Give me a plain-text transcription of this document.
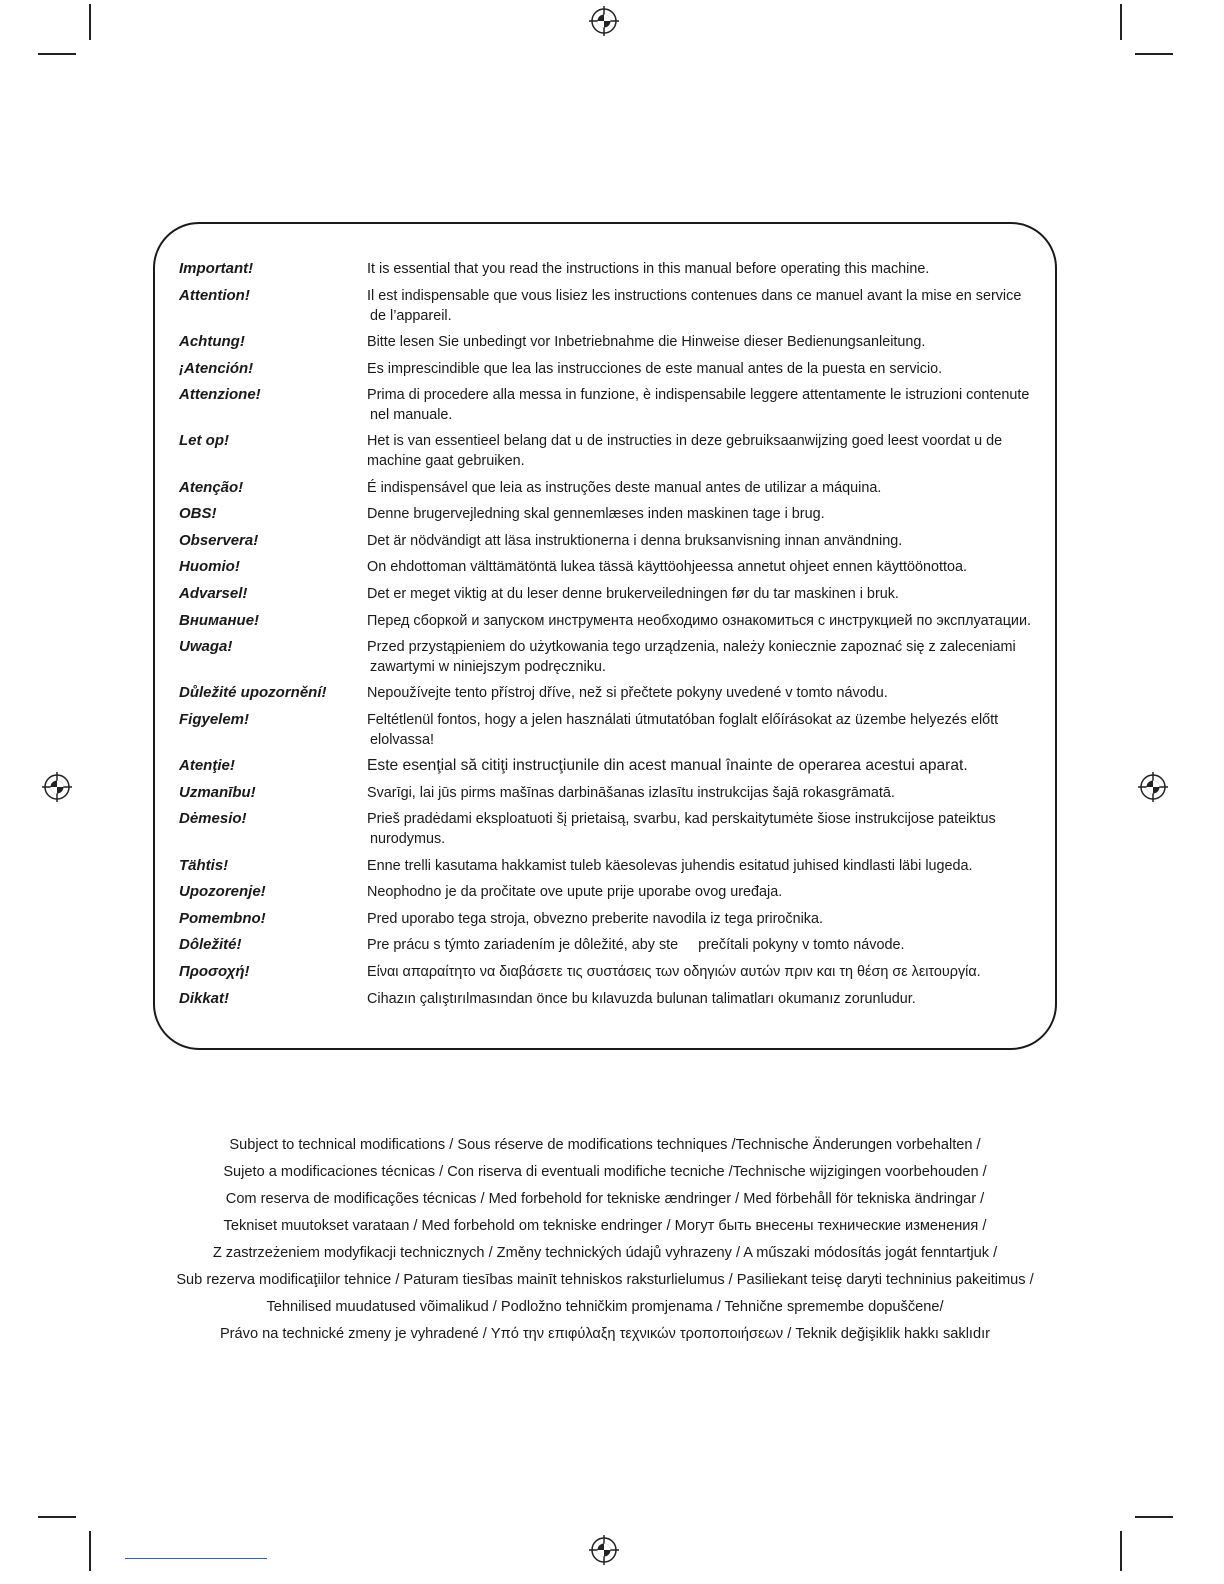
Important!	It is essential that you read the instructions in this manual before operating this machine.
Attention!	Il est indispensable que vous lisiez les instructions contenues dans ce manuel avant la mise en service
de l’appareil.
Achtung!	Bitte lesen Sie unbedingt vor Inbetriebnahme die Hinweise dieser Bedienungsanleitung.
¡Atención!	Es imprescindible que lea las instrucciones de este manual antes de la puesta en servicio.
Attenzione!	Prima di procedere alla messa in funzione, è indispensabile leggere attentamente le istruzioni contenute
nel manuale.
Let op!	Het is van essentieel belang dat u de instructies in deze gebruiksaanwijzing goed leest voordat u de
machine gaat gebruiken.
Atenção!	É indispensável que leia as instruções deste manual antes de utilizar a máquina.
OBS!	Denne brugervejledning skal gennemlæses inden maskinen tage i brug.
Observera!	Det är nödvändigt att läsa instruktionerna i denna bruksanvisning innan användning.
Huomio!	On ehdottoman välttämätöntä lukea tässä käyttöohjeessa annetut ohjeet ennen käyttöönottoa.
Advarsel!	Det er meget viktig at du leser denne brukerveiledningen før du tar maskinen i bruk.
Внимание!	Перед сборкой и запуском инструмента необходимо ознакомиться с инструкцией по эксплуатации.
Uwaga!	Przed przystąpieniem do użytkowania tego urządzenia, należy koniecznie zapoznać się z zaleceniami
zawartymi w niniejszym podręczniku.
Důležité upozornění!	Nepoužívejte tento přístroj dříve, než si přečtete pokyny uvedené v tomto návodu.
Figyelem!	Feltétlenül fontos, hogy a jelen használati útmutatóban foglalt előírásokat az üzembe helyezés előtt
elolvassa!
Atenţie!	Este esenţial să citiţi instrucţiunile din acest manual înainte de operarea acestui aparat.
Uzmanību!	Svarīgi, lai jūs pirms mašīnas darbināšanas izlasītu instrukcijas šajā rokasgrāmatā.
Dėmesio!	Prieš pradėdami eksploatuoti šį prietaisą, svarbu, kad perskaitytumėte šiose instrukcijose pateiktus
nurodymus.
Tähtis!	Enne trelli kasutama hakkamist tuleb käesolevas juhendis esitatud juhised kindlasti läbi lugeda.
Upozorenje!	Neophodno je da pročitate ove upute prije uporabe ovog uređaja.
Pomembno!	Pred uporabo tega stroja, obvezno preberite navodila iz tega priročnika.
Dôležité!	Pre prácu s týmto zariadením je dôležité, aby ste     prečítali pokyny v tomto návode.
Προσοχή!	Είναι απαραίτητο να διαβάσετε τις συστάσεις των οδηγιών αυτών πριν και τη θέση σε λειτουργία.
Dikkat!	Cihazın çalıştırılmasından önce bu kılavuzda bulunan talimatları okumanız zorunludur.
Subject to technical modifications / Sous réserve de modifications techniques /Technische Änderungen vorbehalten /
Sujeto a modificaciones técnicas / Con riserva di eventuali modifiche tecniche /Technische wijzigingen voorbehouden /
Com reserva de modificações técnicas / Med forbehold for tekniske ændringer / Med förbehåll för tekniska ändringar /
Tekniset muutokset varataan / Med forbehold om tekniske endringer / Могут быть внесены технические изменения /
Z zastrzeżeniem modyfikacji technicznych / Změny technických údajů vyhrazeny / A műszaki módosítás jogát fenntartjuk /
Sub rezerva modificaţiilor tehnice / Paturam tiesības mainīt tehniskos raksturlielumus / Pasiliekant teisę daryti techninius pakeitimus /
Tehnilised muudatused võimalikud / Podložno tehničkim promjenama / Tehnične spremembe dopuščene/
Právo na technické zmeny je vyhradené / Υπό την επιφύλαξη τεχνικών τροποποιήσεων / Teknik değişiklik hakkı saklıdır
